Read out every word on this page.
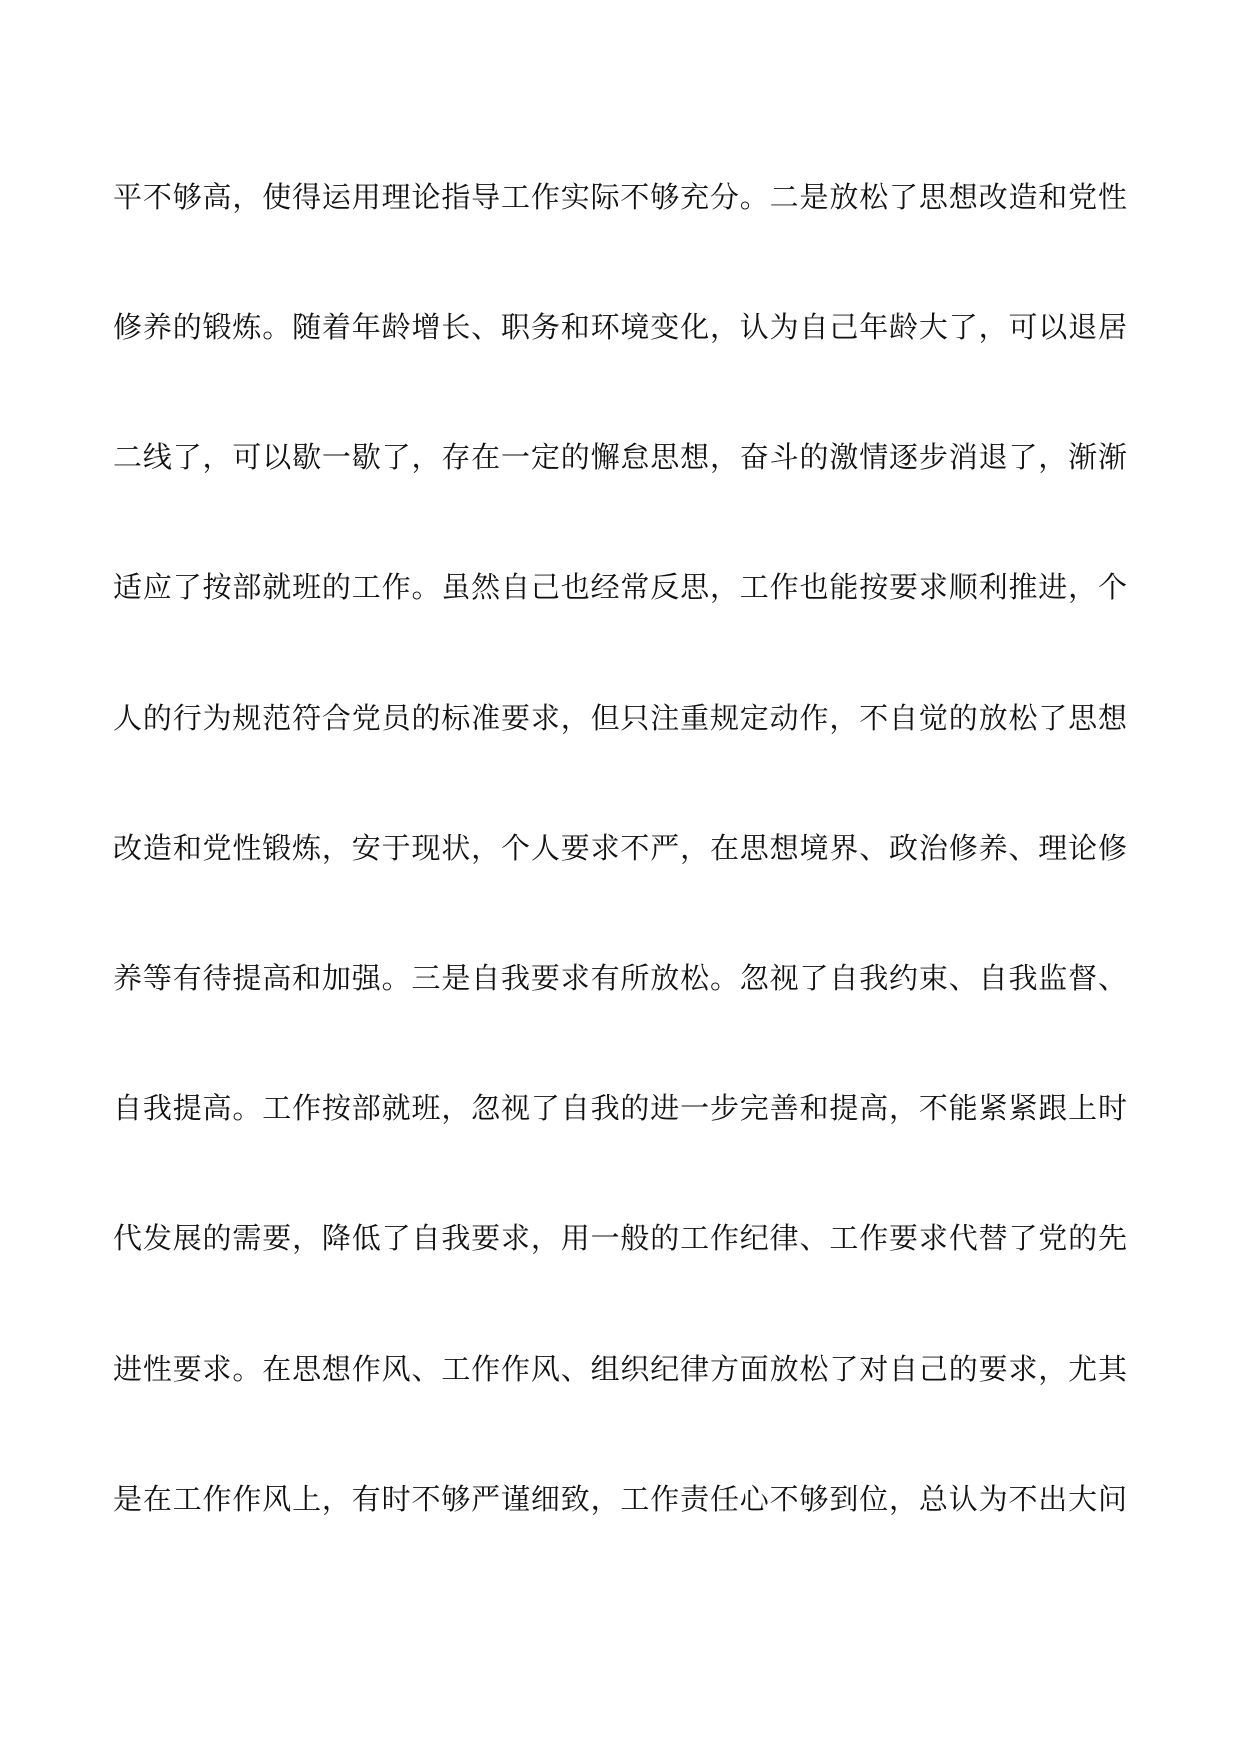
平不够高，使得运用理论指导工作实际不够充分。二是放松了思想改造和党性
修养的锻炼。随着年龄增长、职务和环境变化，认为自己年龄大了，可以退居
二线了，可以歇一歇了，存在一定的懈怠思想，奋斗的激情逐步消退了，渐渐
适应了按部就班的工作。虽然自己也经常反思，工作也能按要求顺利推进，个
人的行为规范符合党员的标准要求，但只注重规定动作，不自觉的放松了思想
改造和党性锻炼，安于现状，个人要求不严，在思想境界、政治修养、理论修
养等有待提高和加强。三是自我要求有所放松。忽视了自我约束、自我监督、
自我提高。工作按部就班，忽视了自我的进一步完善和提高，不能紧紧跟上时
代发展的需要，降低了自我要求，用一般的工作纪律、工作要求代替了党的先
进性要求。在思想作风、工作作风、组织纪律方面放松了对自己的要求，尤其
是在工作作风上，有时不够严谨细致，工作责任心不够到位，总认为不出大问
